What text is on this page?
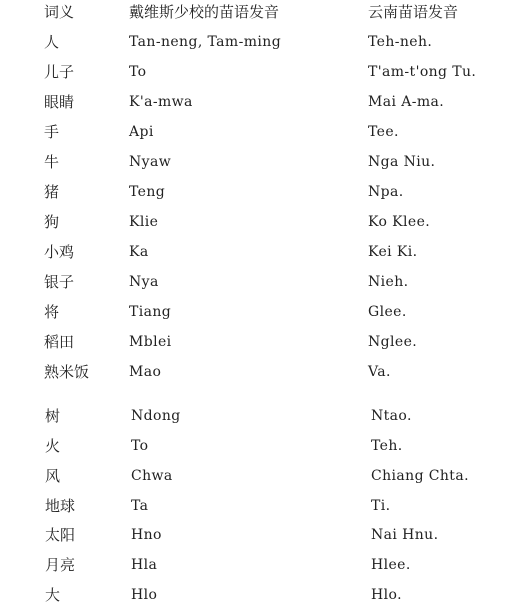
词义	戴维斯少校的苗语发音	云南苗语发音
人	Tan-neng, Tam-ming	Teh-neh.
儿子	To	T'am-t'ong Tu.
眼睛	K'a-mwa	Mai A-ma.
手	Api	Tee.
牛	Nyaw	Nga Niu.
猪	Teng	Npa.
狗	Klie	Ko Klee.
小鸡	Ka	Kei Ki.
银子	Nya	Nieh.
将	Tiang	Glee.
稻田	Mblei	Nglee.
熟米饭	Mao	Va.
树	Ndong	Ntao.
火	To	Teh.
风	Chwa	Chiang Chta.
地球	Ta	Ti.
太阳	Hno	Nai Hnu.
月亮	Hla	Hlee.
大	Hlo	Hlo.
